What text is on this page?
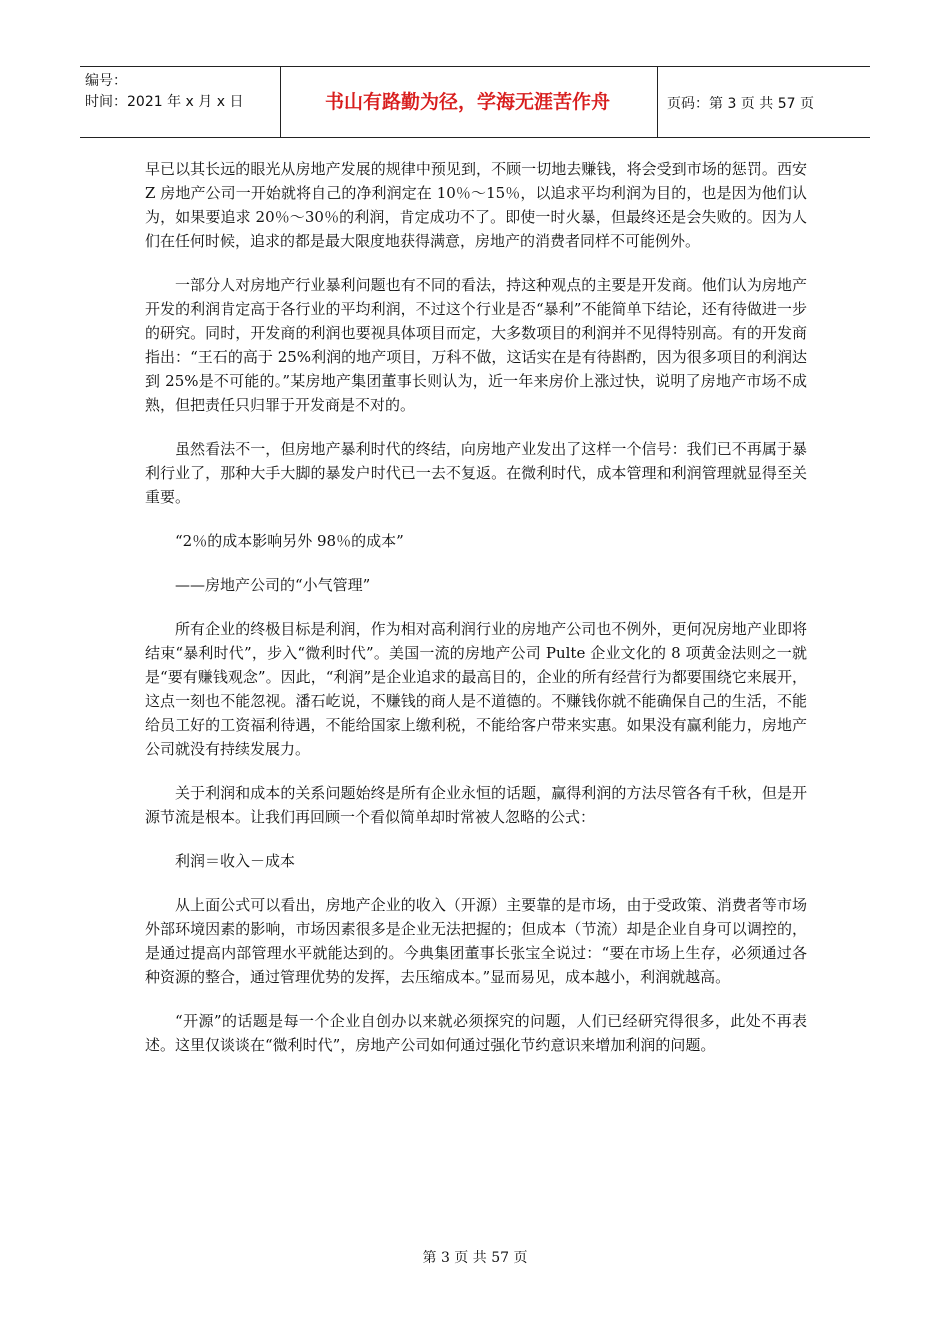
编号：
时间：2021 年 x 月 x 日	书山有路勤为径，学海无涯苦作舟	页码：第 3 页 共 57 页

早已以其长远的眼光从房地产发展的规律中预见到，不顾一切地去赚钱，将会受到市场的惩罚。西安 Z 房地产公司一开始就将自己的净利润定在 10％～15％，以追求平均利润为目的，也是因为他们认为，如果要追求 20％～30％的利润，肯定成功不了。即使一时火暴，但最终还是会失败的。因为人们在任何时候，追求的都是最大限度地获得满意，房地产的消费者同样不可能例外。

一部分人对房地产行业暴利问题也有不同的看法，持这种观点的主要是开发商。他们认为房地产开发的利润肯定高于各行业的平均利润，不过这个行业是否“暴利”不能简单下结论，还有待做进一步的研究。同时，开发商的利润也要视具体项目而定，大多数项目的利润并不见得特别高。有的开发商指出：“王石的高于 25%利润的地产项目，万科不做，这话实在是有待斟酌，因为很多项目的利润达到 25%是不可能的。”某房地产集团董事长则认为，近一年来房价上涨过快，说明了房地产市场不成熟，但把责任只归罪于开发商是不对的。

虽然看法不一，但房地产暴利时代的终结，向房地产业发出了这样一个信号：我们已不再属于暴利行业了，那种大手大脚的暴发户时代已一去不复返。在微利时代，成本管理和利润管理就显得至关重要。

“2％的成本影响另外 98％的成本”

——房地产公司的“小气管理”

所有企业的终极目标是利润，作为相对高利润行业的房地产公司也不例外，更何况房地产业即将结束“暴利时代”，步入“微利时代”。美国一流的房地产公司 Pulte 企业文化的 8 项黄金法则之一就是“要有赚钱观念”。因此，“利润”是企业追求的最高目的，企业的所有经营行为都要围绕它来展开，这点一刻也不能忽视。潘石屹说，不赚钱的商人是不道德的。不赚钱你就不能确保自己的生活，不能给员工好的工资福利待遇，不能给国家上缴利税，不能给客户带来实惠。如果没有赢利能力，房地产公司就没有持续发展力。

关于利润和成本的关系问题始终是所有企业永恒的话题，赢得利润的方法尽管各有千秋，但是开源节流是根本。让我们再回顾一个看似简单却时常被人忽略的公式：

利润＝收入－成本

从上面公式可以看出，房地产企业的收入（开源）主要靠的是市场，由于受政策、消费者等市场外部环境因素的影响，市场因素很多是企业无法把握的；但成本（节流）却是企业自身可以调控的，是通过提高内部管理水平就能达到的。今典集团董事长张宝全说过：“要在市场上生存，必须通过各种资源的整合，通过管理优势的发挥，去压缩成本。”显而易见，成本越小，利润就越高。

“开源”的话题是每一个企业自创办以来就必须探究的问题，人们已经研究得很多，此处不再表述。这里仅谈谈在“微利时代”，房地产公司如何通过强化节约意识来增加利润的问题。

第 3 页 共 57 页
